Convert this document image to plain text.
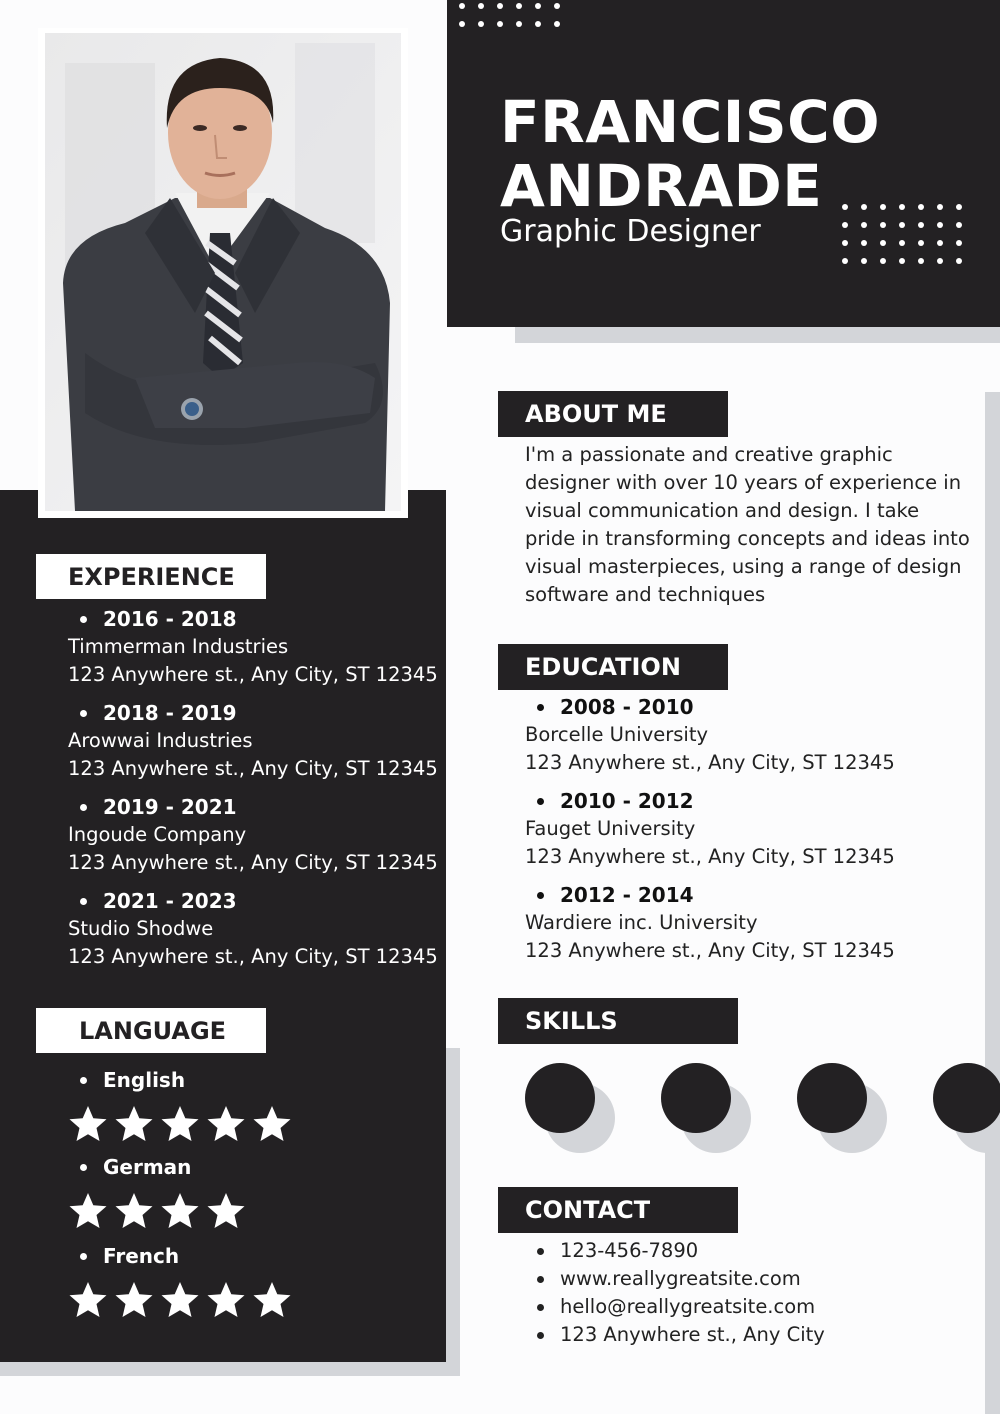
FRANCISCO
ANDRADE
Graphic Designer
EXPERIENCE
2016 - 2018
Timmerman Industries
123 Anywhere st., Any City, ST 12345
2018 - 2019
Arowwai Industries
123 Anywhere st., Any City, ST 12345
2019 - 2021
Ingoude Company
123 Anywhere st., Any City, ST 12345
2021 - 2023
Studio Shodwe
123 Anywhere st., Any City, ST 12345
LANGUAGE
English
German
French
ABOUT ME
I'm a passionate and creative graphic designer with over 10 years of experience in visual communication and design. I take pride in transforming concepts and ideas into visual masterpieces, using a range of design software and techniques
EDUCATION
2008 - 2010
Borcelle University
123 Anywhere st., Any City, ST 12345
2010 - 2012
Fauget University
123 Anywhere st., Any City, ST 12345
2012 - 2014
Wardiere inc. University
123 Anywhere st., Any City, ST 12345
SKILLS
CONTACT
123-456-7890
www.reallygreatsite.com
hello@reallygreatsite.com
123 Anywhere st., Any City
